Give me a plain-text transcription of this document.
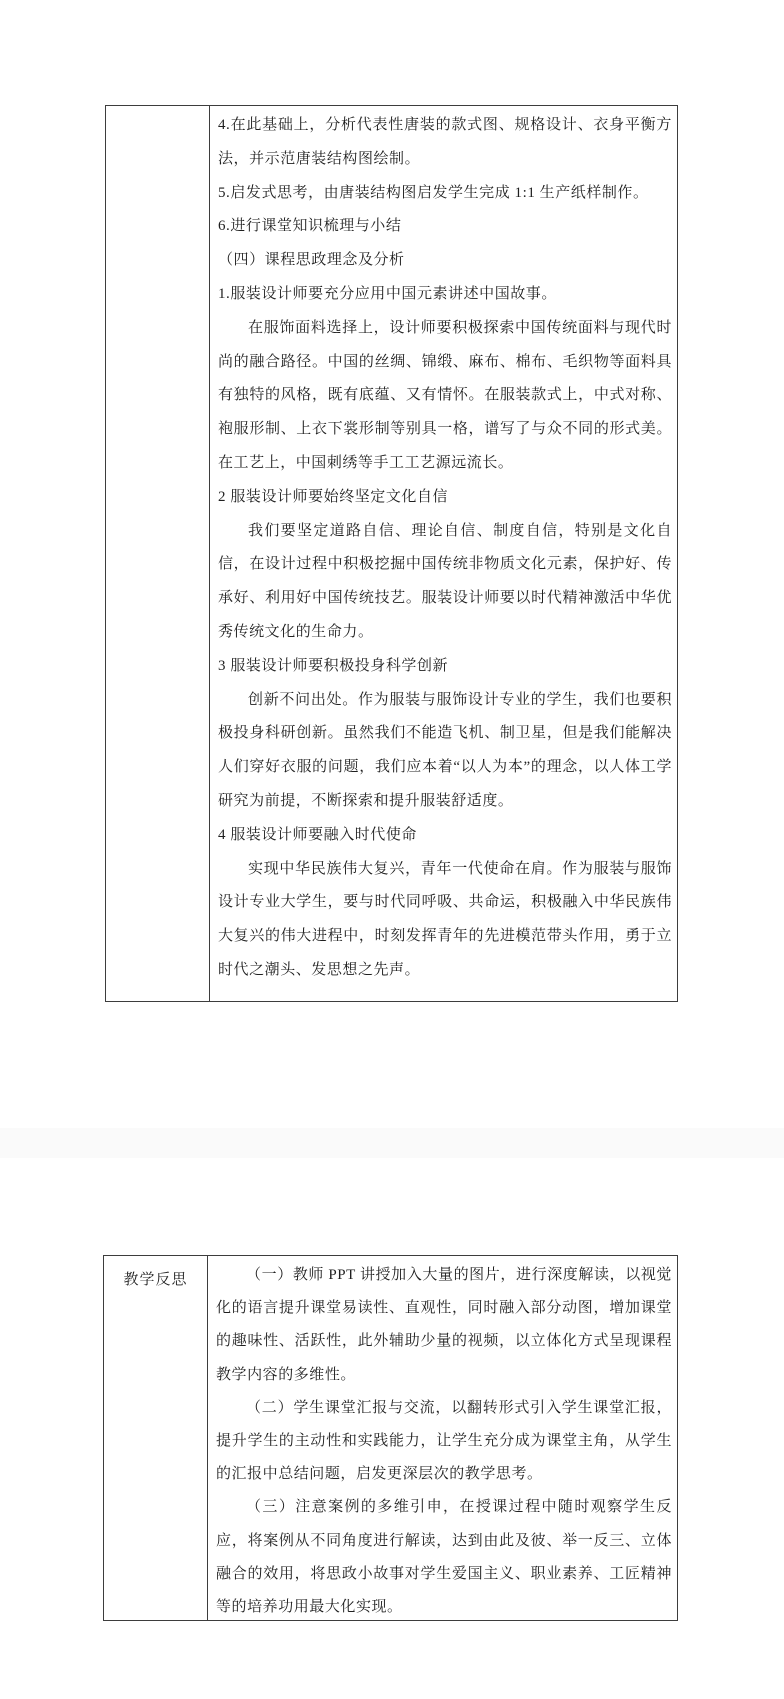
4.在此基础上，分析代表性唐装的款式图、规格设计、衣身平衡方法，并示范唐装结构图绘制。

5.启发式思考，由唐装结构图启发学生完成 1:1 生产纸样制作。

6.进行课堂知识梳理与小结

（四）课程思政理念及分析

1.服装设计师要充分应用中国元素讲述中国故事。

在服饰面料选择上，设计师要积极探索中国传统面料与现代时尚的融合路径。中国的丝绸、锦缎、麻布、棉布、毛织物等面料具有独特的风格，既有底蕴、又有情怀。在服装款式上，中式对称、袍服形制、上衣下裳形制等别具一格，谱写了与众不同的形式美。在工艺上，中国刺绣等手工工艺源远流长。

2 服装设计师要始终坚定文化自信

我们要坚定道路自信、理论自信、制度自信，特别是文化自信，在设计过程中积极挖掘中国传统非物质文化元素，保护好、传承好、利用好中国传统技艺。服装设计师要以时代精神激活中华优秀传统文化的生命力。

3 服装设计师要积极投身科学创新

创新不问出处。作为服装与服饰设计专业的学生，我们也要积极投身科研创新。虽然我们不能造飞机、制卫星，但是我们能解决人们穿好衣服的问题，我们应本着“以人为本”的理念，以人体工学研究为前提，不断探索和提升服装舒适度。

4 服装设计师要融入时代使命

实现中华民族伟大复兴，青年一代使命在肩。作为服装与服饰设计专业大学生，要与时代同呼吸、共命运，积极融入中华民族伟大复兴的伟大进程中，时刻发挥青年的先进模范带头作用，勇于立时代之潮头、发思想之先声。

教学反思	（一）教师 PPT 讲授加入大量的图片，进行深度解读，以视觉化的语言提升课堂易读性、直观性，同时融入部分动图，增加课堂的趣味性、活跃性，此外辅助少量的视频，以立体化方式呈现课程教学内容的多维性。

（二）学生课堂汇报与交流，以翻转形式引入学生课堂汇报，提升学生的主动性和实践能力，让学生充分成为课堂主角，从学生的汇报中总结问题，启发更深层次的教学思考。

（三）注意案例的多维引申，在授课过程中随时观察学生反应，将案例从不同角度进行解读，达到由此及彼、举一反三、立体融合的效用，将思政小故事对学生爱国主义、职业素养、工匠精神等的培养功用最大化实现。
